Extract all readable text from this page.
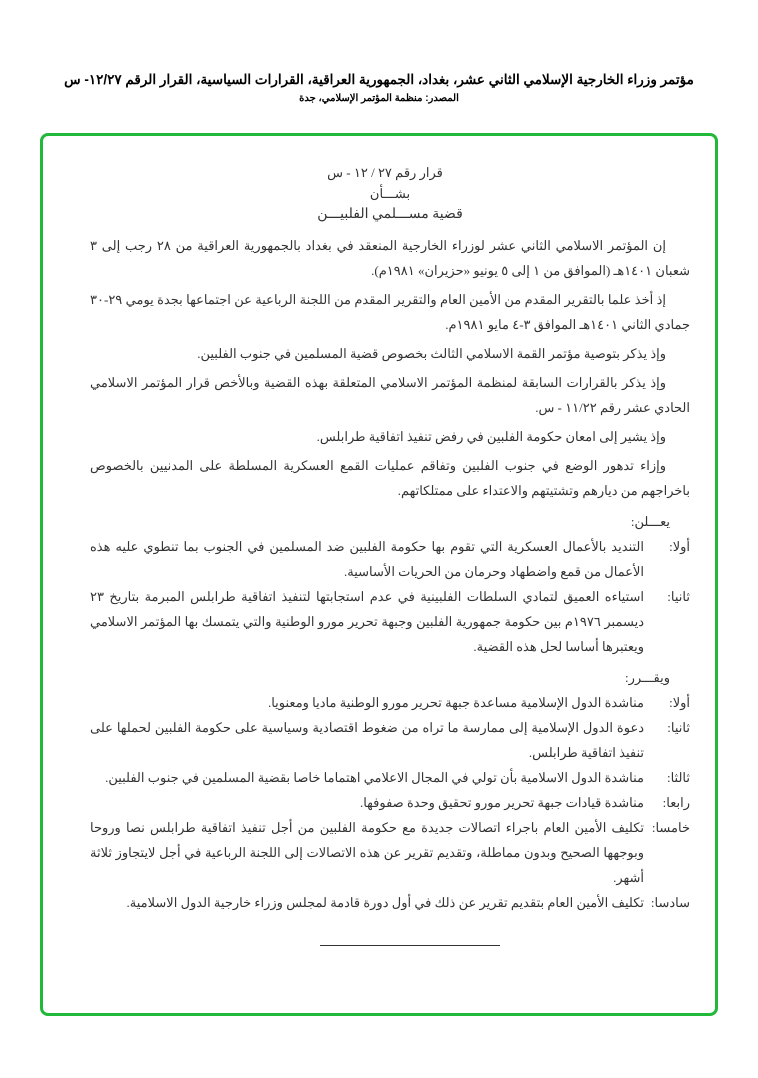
مؤتمر وزراء الخارجية الإسلامي الثاني عشر، بغداد، الجمهورية العراقية، القرارات السياسية، القرار الرقم ١٢/٢٧- س
المصدر: منظمة المؤتمر الإسلامي، جدة
قرار رقم ٢٧ / ١٢ - س
بشـــأن
قضية مســـلمي الفلبيـــن

إن المؤتمر الاسلامي الثاني عشر لوزراء الخارجية المنعقد في بغداد بالجمهورية العراقية من ٢٨ رجب إلى ٣ شعبان ١٤٠١هـ (الموافق من ١ إلى ٥ يونيو «حزيران» ١٩٨١م).

إذ أخذ علما بالتقرير المقدم من الأمين العام والتقرير المقدم من اللجنة الرباعية عن اجتماعها بجدة يومي ٢٩-٣٠ جمادي الثاني ١٤٠١هـ الموافق ٣-٤ مايو ١٩٨١م.

وإذ يذكر بتوصية مؤتمر القمة الاسلامي الثالث بخصوص قضية المسلمين في جنوب الفلبين.

وإذ يذكر بالقرارات السابقة لمنظمة المؤتمر الاسلامي المتعلقة بهذه القضية وبالأخص قرار المؤتمر الاسلامي الحادي عشر رقم ١١/٢٢ - س.

وإذ يشير إلى امعان حكومة الفلبين في رفض تنفيذ اتفاقية طرابلس.

وإزاء تدهور الوضع في جنوب الفلبين وتفاقم عمليات القمع العسكرية المسلطة على المدنيين بالخصوص باخراجهم من ديارهم وتشتيتهم والاعتداء على ممتلكاتهم.

يعـــلن:
أولا:
التنديد بالأعمال العسكرية التي تقوم بها حكومة الفلبين ضد المسلمين في الجنوب بما تنطوي عليه هذه الأعمال من قمع واضطهاد وحرمان من الحريات الأساسية.
ثانيا:
استياءه العميق لتمادي السلطات الفلبينية في عدم استجابتها لتنفيذ اتفاقية طرابلس المبرمة بتاريخ ٢٣ ديسمبر ١٩٧٦م بين حكومة جمهورية الفلبين وجبهة تحرير مورو الوطنية والتي يتمسك بها المؤتمر الاسلامي ويعتبرها أساسا لحل هذه القضية.
ويقـــرر:
أولا:
مناشدة الدول الإسلامية مساعدة جبهة تحرير مورو الوطنية ماديا ومعنويا.
ثانيا:
دعوة الدول الإسلامية إلى ممارسة ما تراه من ضغوط اقتصادية وسياسية على حكومة الفلبين لحملها على تنفيذ اتفاقية طرابلس.
ثالثا:
مناشدة الدول الاسلامية بأن تولي في المجال الاعلامي اهتماما خاصا بقضية المسلمين في جنوب الفلبين.
رابعا:
مناشدة قيادات جبهة تحرير مورو تحقيق وحدة صفوفها.
خامسا:
تكليف الأمين العام باجراء اتصالات جديدة مع حكومة الفلبين من أجل تنفيذ اتفاقية طرابلس نصا وروحا وبوجهها الصحيح وبدون مماطلة، وتقديم تقرير عن هذه الاتصالات إلى اللجنة الرباعية في أجل لايتجاوز ثلاثة أشهر.
سادسا:
تكليف الأمين العام بتقديم تقرير عن ذلك في أول دورة قادمة لمجلس وزراء خارجية الدول الاسلامية.
